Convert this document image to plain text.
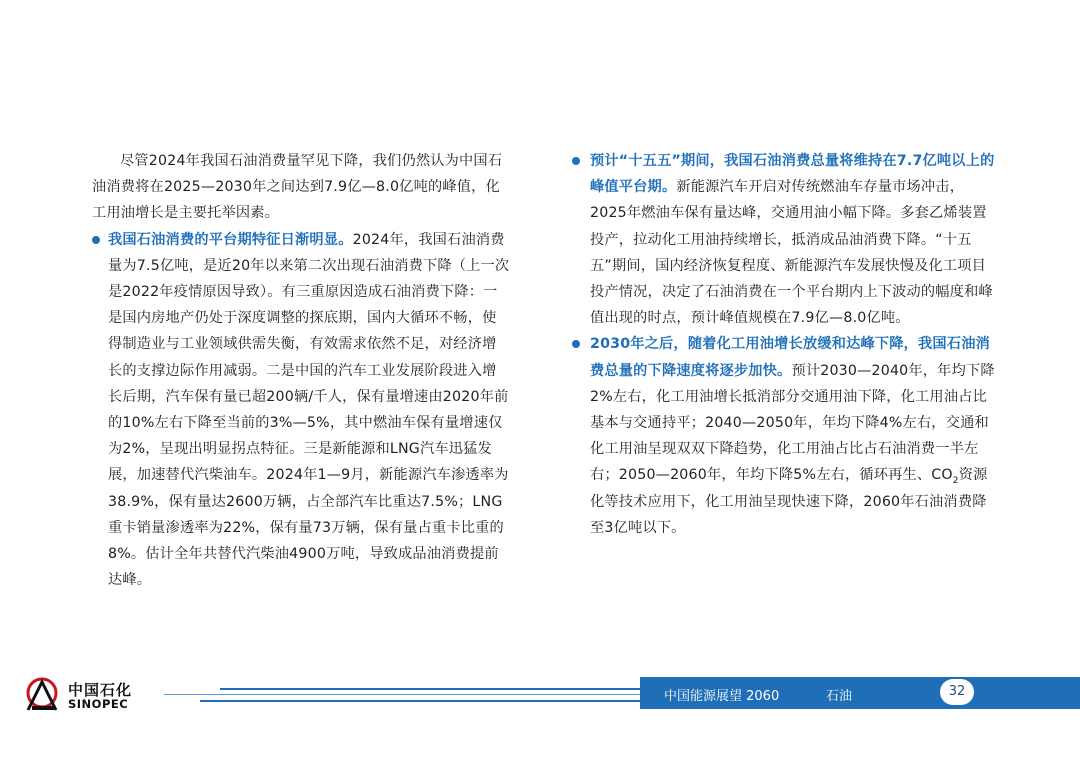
尽管2024年我国石油消费量罕见下降，我们仍然认为中国石油消费将在2025—2030年之间达到7.9亿—8.0亿吨的峰值，化工用油增长是主要托举因素。

我国石油消费的平台期特征日渐明显。2024年，我国石油消费量为7.5亿吨，是近20年以来第二次出现石油消费下降（上一次是2022年疫情原因导致）。有三重原因造成石油消费下降：一是国内房地产仍处于深度调整的探底期，国内大循环不畅，使得制造业与工业领域供需失衡，有效需求依然不足，对经济增长的支撑边际作用减弱。二是中国的汽车工业发展阶段进入增长后期，汽车保有量已超200辆/千人，保有量增速由2020年前的10%左右下降至当前的3%—5%，其中燃油车保有量增速仅为2%，呈现出明显拐点特征。三是新能源和LNG汽车迅猛发展，加速替代汽柴油车。2024年1—9月，新能源汽车渗透率为38.9%，保有量达2600万辆，占全部汽车比重达7.5%；LNG重卡销量渗透率为22%，保有量73万辆，保有量占重卡比重的8%。估计全年共替代汽柴油4900万吨，导致成品油消费提前达峰。

预计“十五五”期间，我国石油消费总量将维持在7.7亿吨以上的峰值平台期。新能源汽车开启对传统燃油车存量市场冲击，2025年燃油车保有量达峰，交通用油小幅下降。多套乙烯装置投产，拉动化工用油持续增长，抵消成品油消费下降。“十五五”期间，国内经济恢复程度、新能源汽车发展快慢及化工项目投产情况，决定了石油消费在一个平台期内上下波动的幅度和峰值出现的时点，预计峰值规模在7.9亿—8.0亿吨。

2030年之后，随着化工用油增长放缓和达峰下降，我国石油消费总量的下降速度将逐步加快。预计2030—2040年，年均下降2%左右，化工用油增长抵消部分交通用油下降，化工用油占比基本与交通持平；2040—2050年，年均下降4%左右，交通和化工用油呈现双双下降趋势，化工用油占比占石油消费一半左右；2050—2060年，年均下降5%左右，循环再生、$CO_2$资源化等技术应用下，化工用油呈现快速下降，2060年石油消费降至3亿吨以下。

中国石化
SINOPEC	中国能源展望 2060	石油	32
